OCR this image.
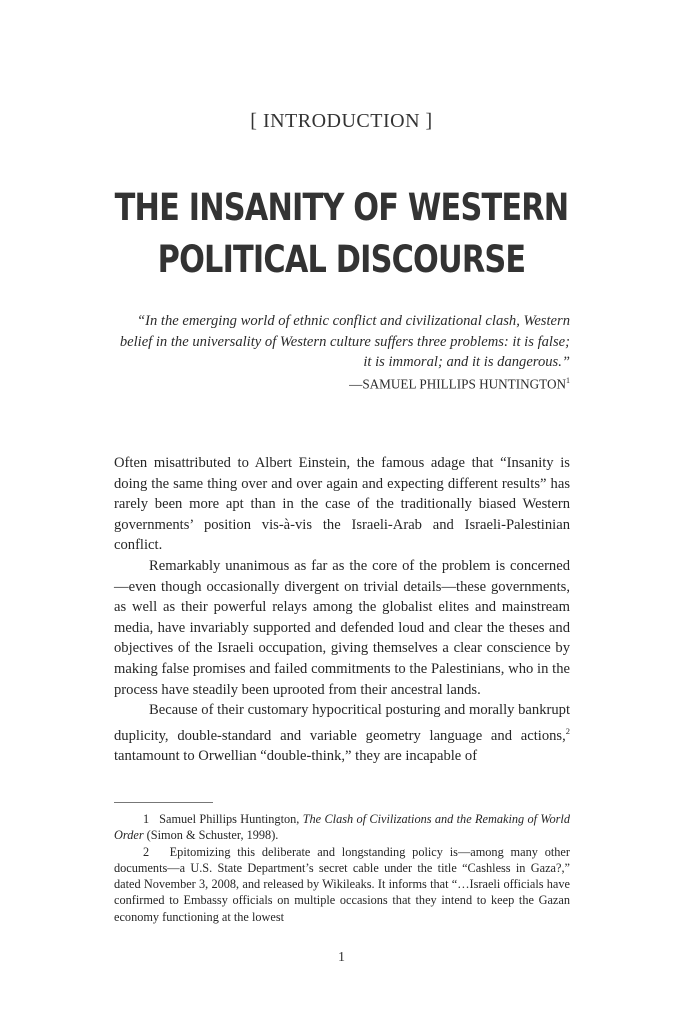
[ INTRODUCTION ]
THE INSANITY OF WESTERN
POLITICAL DISCOURSE
“In the emerging world of ethnic conflict and civilizational clash, Western belief in the universality of Western culture suffers three problems: it is false; it is immoral; and it is dangerous.”
—SAMUEL PHILLIPS HUNTINGTON$^1$

Often misattributed to Albert Einstein, the famous adage that “Insanity is doing the same thing over and over again and expecting different results” has rarely been more apt than in the case of the traditionally biased Western governments’ position vis-à-vis the Israeli-Arab and Israeli-Palestinian conflict.

Remarkably unanimous as far as the core of the problem is concerned—even though occasionally divergent on trivial details—these governments, as well as their powerful relays among the globalist elites and mainstream media, have invariably supported and defended loud and clear the theses and objectives of the Israeli occupation, giving themselves a clear conscience by making false promises and failed commitments to the Palestinians, who in the process have steadily been uprooted from their ancestral lands.

Because of their customary hypocritical posturing and morally bankrupt duplicity, double-standard and variable geometry language and actions,$^2$ tantamount to Orwellian “double-think,” they are incapable of

1 Samuel Phillips Huntington, The Clash of Civilizations and the Remaking of World Order (Simon & Schuster, 1998).

2 Epitomizing this deliberate and longstanding policy is—among many other documents—a U.S. State Department’s secret cable under the title “Cashless in Gaza?,” dated November 3, 2008, and released by Wikileaks. It informs that “…Israeli officials have confirmed to Embassy officials on multiple occasions that they intend to keep the Gazan economy functioning at the lowest

1
